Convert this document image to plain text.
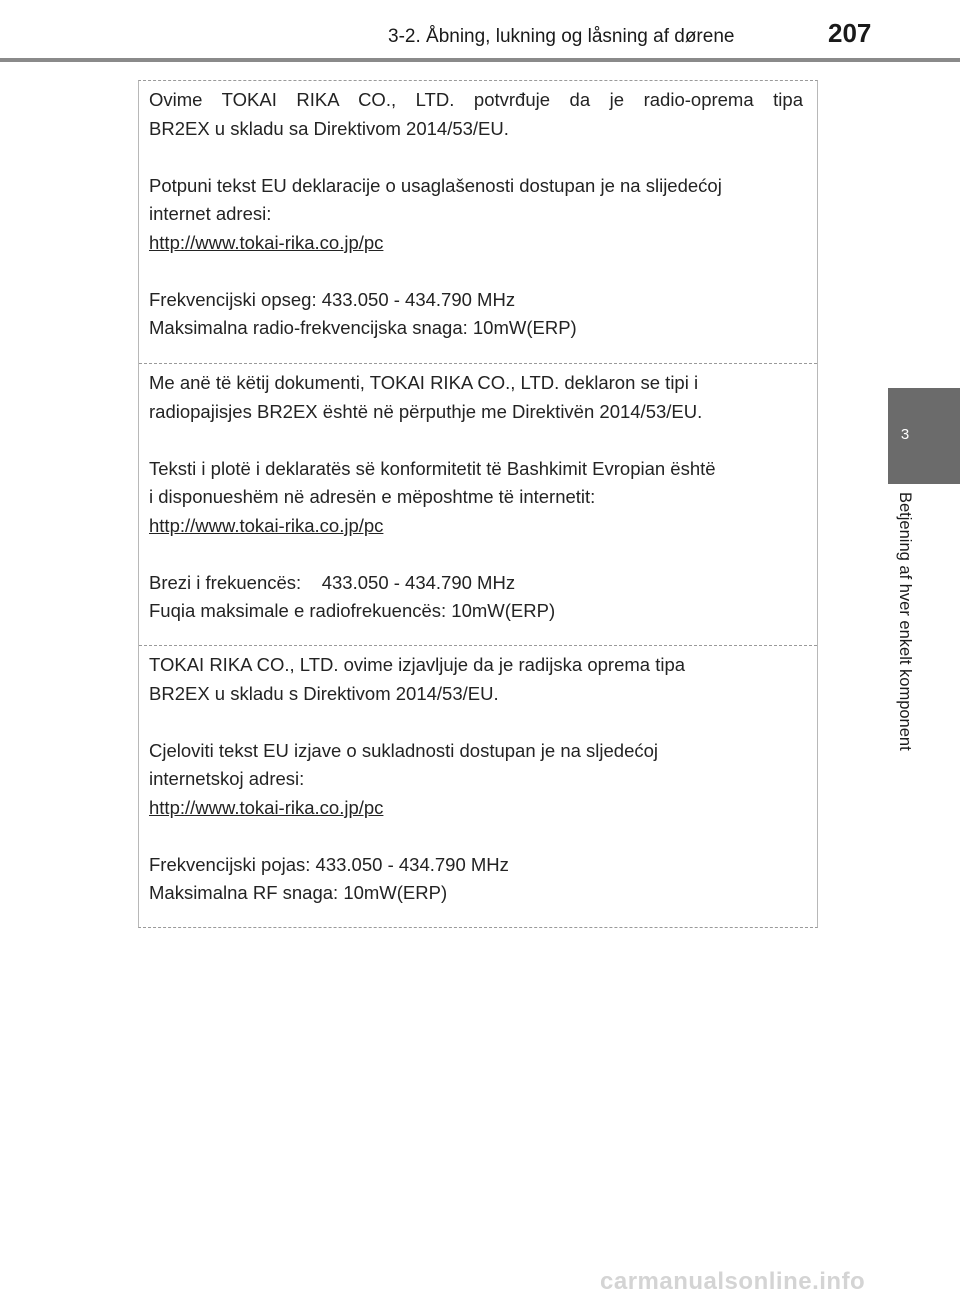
3-2. Åbning, lukning og låsning af dørene	207
3
Betjening af hver enkelt komponent
Ovime TOKAI RIKA CO., LTD. potvrđuje da je radio-oprema tipa
BR2EX u skladu sa Direktivom 2014/53/EU.
Potpuni tekst EU deklaracije o usaglašenosti dostupan je na slijedećoj
internet adresi:
http://www.tokai-rika.co.jp/pc
Frekvencijski opseg: 433.050 - 434.790 MHz
Maksimalna radio-frekvencijska snaga: 10mW(ERP)
Me anë të këtij dokumenti, TOKAI RIKA CO., LTD. deklaron se tipi i
radiopajisjes BR2EX është në përputhje me Direktivën 2014/53/EU.
Teksti i plotë i deklaratës së konformitetit të Bashkimit Evropian është
i disponueshëm në adresën e mëposhtme të internetit:
http://www.tokai-rika.co.jp/pc
Brezi i frekuencës:    433.050 - 434.790 MHz
Fuqia maksimale e radiofrekuencës: 10mW(ERP)
TOKAI RIKA CO., LTD. ovime izjavljuje da je radijska oprema tipa
BR2EX u skladu s Direktivom 2014/53/EU.
Cjeloviti tekst EU izjave o sukladnosti dostupan je na sljedećoj
internetskoj adresi:
http://www.tokai-rika.co.jp/pc
Frekvencijski pojas: 433.050 - 434.790 MHz
Maksimalna RF snaga: 10mW(ERP)
carmanualsonline.info
